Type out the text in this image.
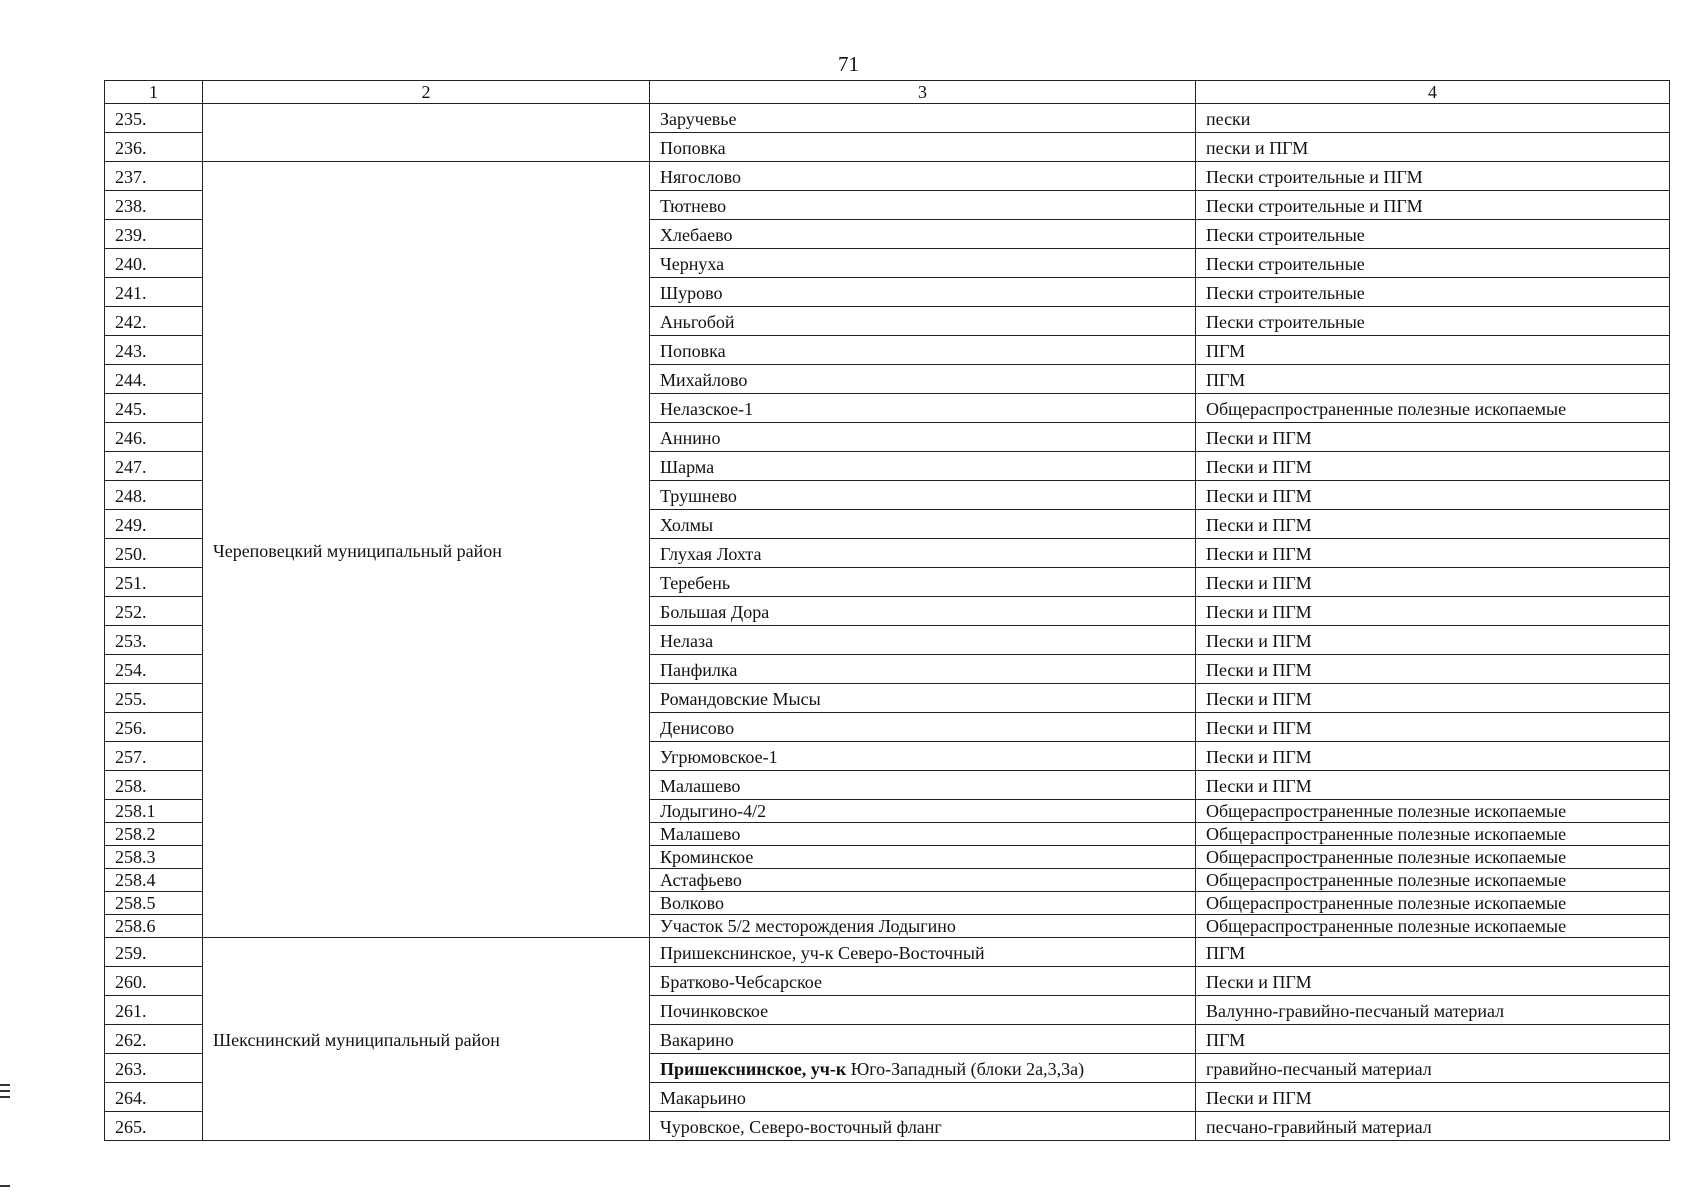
71
1	2	3	4
235.		Заручевье	пески
236.		Поповка	пески и ПГМ
237.	Череповецкий муниципальный район	Нягослово	Пески строительные и ПГМ
238.		Тютнево	Пески строительные и ПГМ
239.		Хлебаево	Пески строительные
240.		Чернуха	Пески строительные
241.		Шурово	Пески строительные
242.		Аньгобой	Пески строительные
243.		Поповка	ПГМ
244.		Михайлово	ПГМ
245.		Нелазское-1	Общераспространенные полезные ископаемые
246.		Аннино	Пески и ПГМ
247.		Шарма	Пески и ПГМ
248.		Трушнево	Пески и ПГМ
249.		Холмы	Пески и ПГМ
250.		Глухая Лохта	Пески и ПГМ
251.		Теребень	Пески и ПГМ
252.		Большая Дора	Пески и ПГМ
253.		Нелаза	Пески и ПГМ
254.		Панфилка	Пески и ПГМ
255.		Романдовские Мысы	Пески и ПГМ
256.		Денисово	Пески и ПГМ
257.		Угрюмовское-1	Пески и ПГМ
258.		Малашево	Пески и ПГМ
258.1		Лодыгино-4/2	Общераспространенные полезные ископаемые
258.2		Малашево	Общераспространенные полезные ископаемые
258.3		Кроминское	Общераспространенные полезные ископаемые
258.4		Астафьево	Общераспространенные полезные ископаемые
258.5		Волково	Общераспространенные полезные ископаемые
258.6		Участок 5/2 месторождения Лодыгино	Общераспространенные полезные ископаемые
259.	Шекснинский муниципальный район	Пришекснинское, уч-к Северо-Восточный	ПГМ
260.		Братково-Чебсарское	Пески и ПГМ
261.		Починковское	Валунно-гравийно-песчаный материал
262.		Вакарино	ПГМ
263.		Пришекснинское, уч-к Юго-Западный (блоки 2а,3,3а)	гравийно-песчаный материал
264.		Макарьино	Пески и ПГМ
265.		Чуровское, Северо-восточный фланг	песчано-гравийный материал
